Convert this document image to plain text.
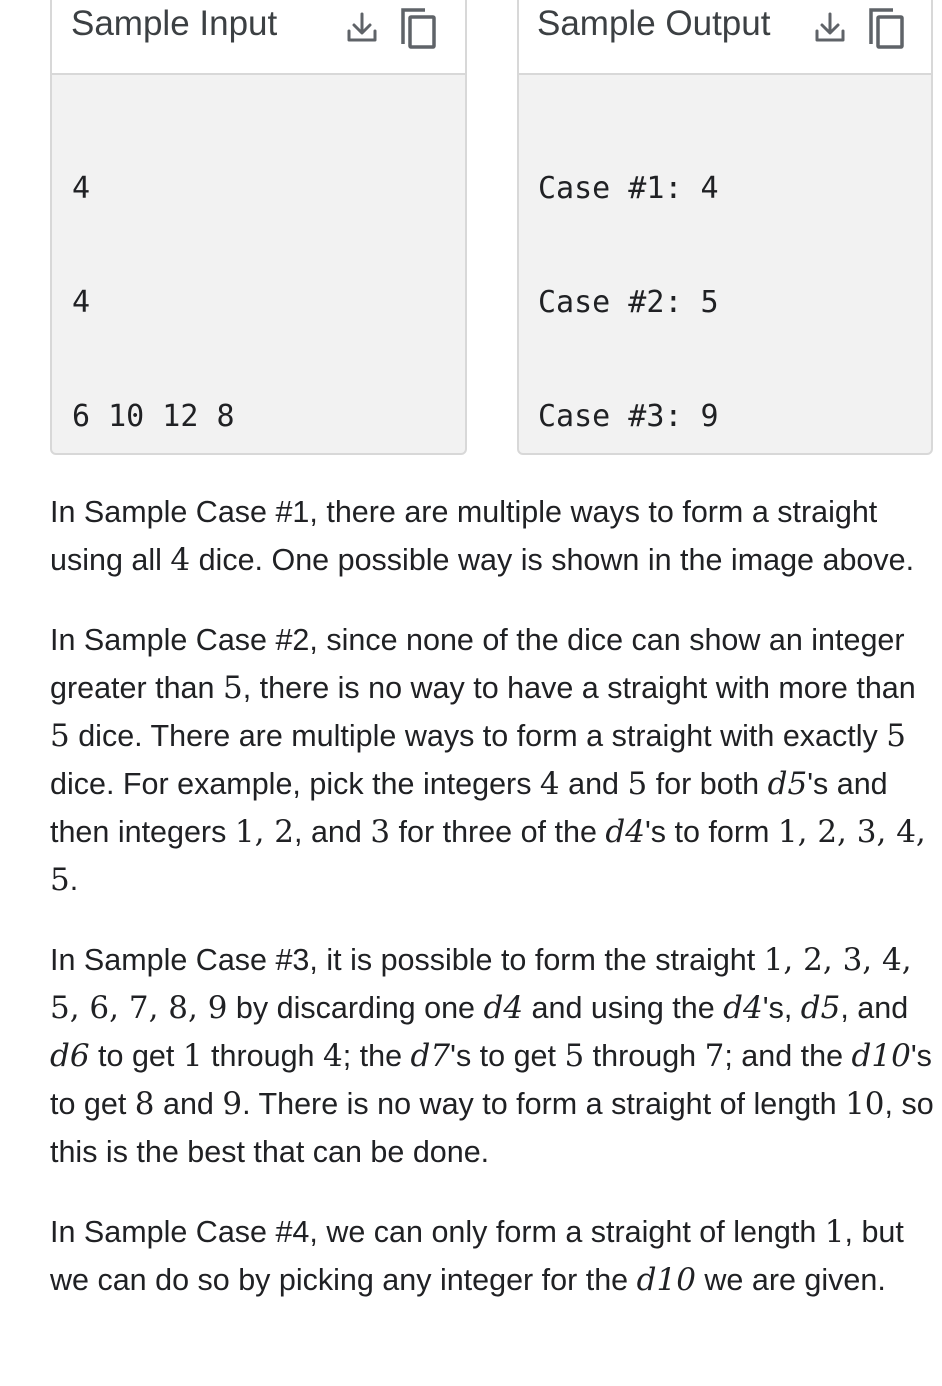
Sample Input

4

4

6 10 12 8

Sample Output

Case #1: 4

Case #2: 5

Case #3: 9

In Sample Case #1, there are multiple ways to form a straight using all 4 dice. One possible way is shown in the image above.

In Sample Case #2, since none of the dice can show an integer greater than 5, there is no way to have a straight with more than 5 dice. There are multiple ways to form a straight with exactly 5 dice. For example, pick the integers 4 and 5 for both d5's and then integers 1, 2, and 3 for three of the d4's to form 1, 2, 3, 4, 5.

In Sample Case #3, it is possible to form the straight 1, 2, 3, 4, 5, 6, 7, 8, 9 by discarding one d4 and using the d4's, d5, and d6 to get 1 through 4; the d7's to get 5 through 7; and the d10's to get 8 and 9. There is no way to form a straight of length 10, so this is the best that can be done.

In Sample Case #4, we can only form a straight of length 1, but we can do so by picking any integer for the d10 we are given.
